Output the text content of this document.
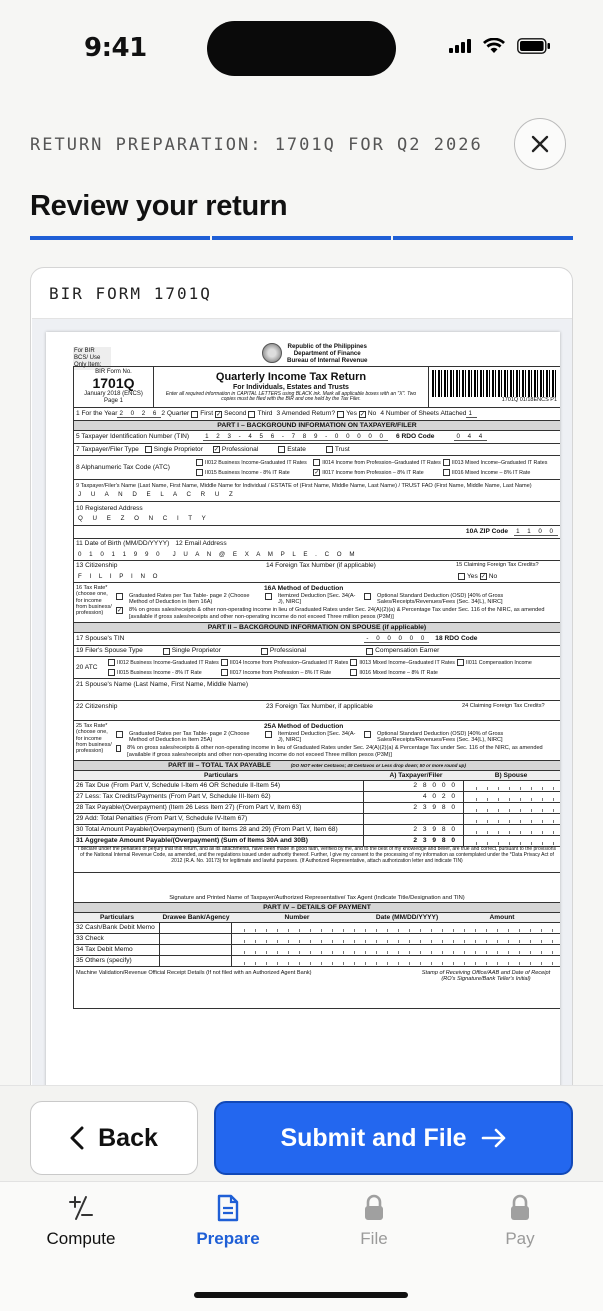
9:41
RETURN PREPARATION: 1701Q FOR Q2 2026
Review your return
BIR FORM 1701Q
For BIR BCS/ Use Only Item:
Republic of the Philippines
Department of Finance
Bureau of Internal Revenue
BIR Form No.
1701Q
January 2018 (ENCS)
Page 1
Quarterly Income Tax Return
For Individuals, Estates and Trusts
Enter all required information in CAPITAL LETTERS using BLACK ink. Mark all applicable boxes with an "X". Two copies must be filed with the BIR and one held by the Tax Filer.	1701Q 01/18ENCS P1
1 For the Year 2 0 2 6 2 Quarter First ✓ Second Third 3 Amended Return? Yes ✓ No 4 Number of Sheets Attached 1
PART I – BACKGROUND INFORMATION ON TAXPAYER/FILER
5 Taxpayer Identification Number (TIN)	1 2 3 - 4 5 6 - 7 8 9 - 0 0 0 0 0	6 RDO Code	0 4 4
7 Taxpayer/Filer Type Single Proprietor ✓ Professional	Estate	Trust
8 Alphanumeric Tax Code (ATC)
II012 Business Income-Graduated IT Rates	II014 Income from Profession–Graduated IT Rates	II013 Mixed Income–Graduated IT Rates
II015 Business Income - 8% IT Rate	✓ II017 Income from Profession – 8% IT Rate	II016 Mixed Income – 8% IT Rate
9 Taxpayer/Filer's Name (Last Name, First Name, Middle Name for Individual / ESTATE of (First Name, Middle Name, Last Name) / TRUST FAO (First Name, Middle Name, Last Name)
J U A N D E L A C R U Z
10 Registered Address
Q U E Z O N C I T Y
10A ZIP Code	1 1 0 0
11 Date of Birth (MM/DD/YYYY) 12 Email Address
0 1 0 1 1 9 9 0 J U A N @ E X A M P L E . C O M
13 Citizenship	14 Foreign Tax Number (if applicable)	15 Claiming Foreign Tax Credits?
F I L I P I N O	Yes ✓ No
16 Tax Rate* (choose one, for income from business/ profession)
16A Method of Deduction
Graduated Rates per Tax Table- page 2 (Choose Method of Deduction in Item 16A)
Itemized Deduction [Sec. 34(A-J), NIRC]
Optional Standard Deduction (OSD) [40% of Gross Sales/Receipts/Revenues/Fees (Sec. 34(L), NIRC]
✓ 8% on gross sales/receipts & other non-operating income in lieu of Graduated Rates under Sec. 24(A)(2)(a) & Percentage Tax under Sec. 116 of the NIRC, as amended [available if gross sales/receipts and other non-operating income do not exceed Three million pesos (P3M)]
PART II – BACKGROUND INFORMATION ON SPOUSE (if applicable)
17 Spouse's TIN	- 0 0 0 0 0	18 RDO Code
19 Filer's Spouse Type	Single Proprietor	Professional	Compensation Earner
20 ATC
II012 Business Income-Graduated IT Rates	II014 Income from Profession–Graduated IT Rates	II013 Mixed Income–Graduated IT Rates	II011 Compensation Income
II015 Business Income - 8% IT Rate	II017 Income from Profession – 8% IT Rate	II016 Mixed Income – 8% IT Rate
21 Spouse's Name (Last Name, First Name, Middle Name)
22 Citizenship	23 Foreign Tax Number, if applicable	24 Claiming Foreign Tax Credits?
25 Tax Rate* (choose one, for income from business/ profession)
25A Method of Deduction
Graduated Rates per Tax Table- page 2 (Choose Method of Deduction in Item 25A)
Itemized Deduction [Sec. 34(A-J), NIRC]
Optional Standard Deduction (OSD) [40% of Gross Sales/Receipts/Revenues/Fees (Sec. 34(L), NIRC]
8% on gross sales/receipts & other non-operating income in lieu of Graduated Rates under Sec. 24(A)(2)(a) & Percentage Tax under Sec. 116 of the NIRC, as amended [available if gross sales/receipts and other non-operating income do not exceed Three million pesos (P3M)]
PART III – TOTAL TAX PAYABLE	(DO NOT enter Centavos; 49 Centavos or Less drop down; 50 or more round up)
Particulars	A) Taxpayer/Filer	B) Spouse
26 Tax Due (From Part V, Schedule I-Item 46 OR Schedule II-Item 54)	2 8 0 0 0
27 Less: Tax Credits/Payments (From Part V, Schedule III-Item 62)	4 0 2 0
28 Tax Payable/(Overpayment) (Item 26 Less Item 27) (From Part V, Item 63)	2 3 9 8 0
29 Add: Total Penalties (From Part V, Schedule IV-Item 67)
30 Total Amount Payable/(Overpayment) (Sum of Items 28 and 29) (From Part V, Item 68)	2 3 9 8 0
31 Aggregate Amount Payable/(Overpayment) (Sum of Items 30A and 30B)	2 3 9 8 0
I declare under the penalties of perjury that this return, and all its attachments, have been made in good faith, verified by me, and to the best of my knowledge and belief, are true and correct, pursuant to the provisions of the National Internal Revenue Code, as amended, and the regulations issued under authority thereof. Further, I give my consent to the processing of my information as contemplated under the *Data Privacy Act of 2012 (R.A. No. 10173) for legitimate and lawful purposes. (If Authorized Representative, attach authorization letter and indicate TIN)
Signature and Printed Name of Taxpayer/Authorized Representative/ Tax Agent (Indicate Title/Designation and TIN)
PART IV – DETAILS OF PAYMENT
Particulars	Drawee Bank/Agency	Number	Date (MM/DD/YYYY)	Amount
32 Cash/Bank Debit Memo
33 Check
34 Tax Debit Memo
35 Others (specify)
Machine Validation/Revenue Official Receipt Details (If not filed with an Authorized Agent Bank)	Stamp of Receiving Office/AAB and Date of Receipt (RO's Signature/Bank Teller's Initial)
Back	Submit and File
Compute	Prepare	File	Pay
